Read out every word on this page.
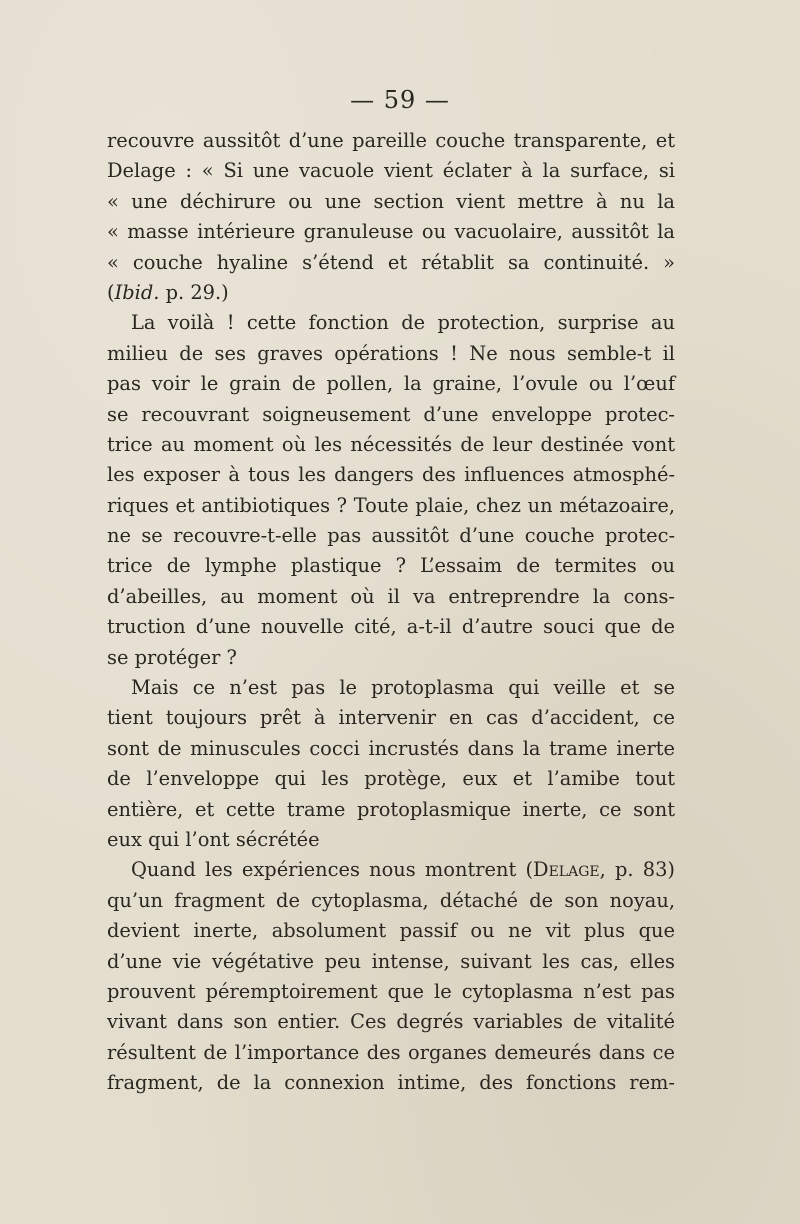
— 59 —
recouvre aussitôt d’une pareille couche transparente, et
Delage : « Si une vacuole vient éclater à la surface, si
« une déchirure ou une section vient mettre à nu la
« masse intérieure granuleuse ou vacuolaire, aussitôt la
« couche hyaline s’étend et rétablit sa continuité. »
(Ibid. p. 29.)
La voilà ! cette fonction de protection, surprise au
milieu de ses graves opérations ! Ne nous semble-t il
pas voir le grain de pollen, la graine, l’ovule ou l’œuf
se recouvrant soigneusement d’une enveloppe protec-
trice au moment où les nécessités de leur destinée vont
les exposer à tous les dangers des influences atmosphé-
riques et antibiotiques ? Toute plaie, chez un métazoaire,
ne se recouvre-t-elle pas aussitôt d’une couche protec-
trice de lymphe plastique ? L’essaim de termites ou
d’abeilles, au moment où il va entreprendre la cons-
truction d’une nouvelle cité, a-t-il d’autre souci que de
se protéger ?
Mais ce n’est pas le protoplasma qui veille et se
tient toujours prêt à intervenir en cas d’accident, ce
sont de minuscules cocci incrustés dans la trame inerte
de l’enveloppe qui les protège, eux et l’amibe tout
entière, et cette trame protoplasmique inerte, ce sont
eux qui l’ont sécrétée
Quand les expériences nous montrent (Delage, p. 83)
qu’un fragment de cytoplasma, détaché de son noyau,
devient inerte, absolument passif ou ne vit plus que
d’une vie végétative peu intense, suivant les cas, elles
prouvent péremptoirement que le cytoplasma n’est pas
vivant dans son entier. Ces degrés variables de vitalité
résultent de l’importance des organes demeurés dans ce
fragment, de la connexion intime, des fonctions rem-
